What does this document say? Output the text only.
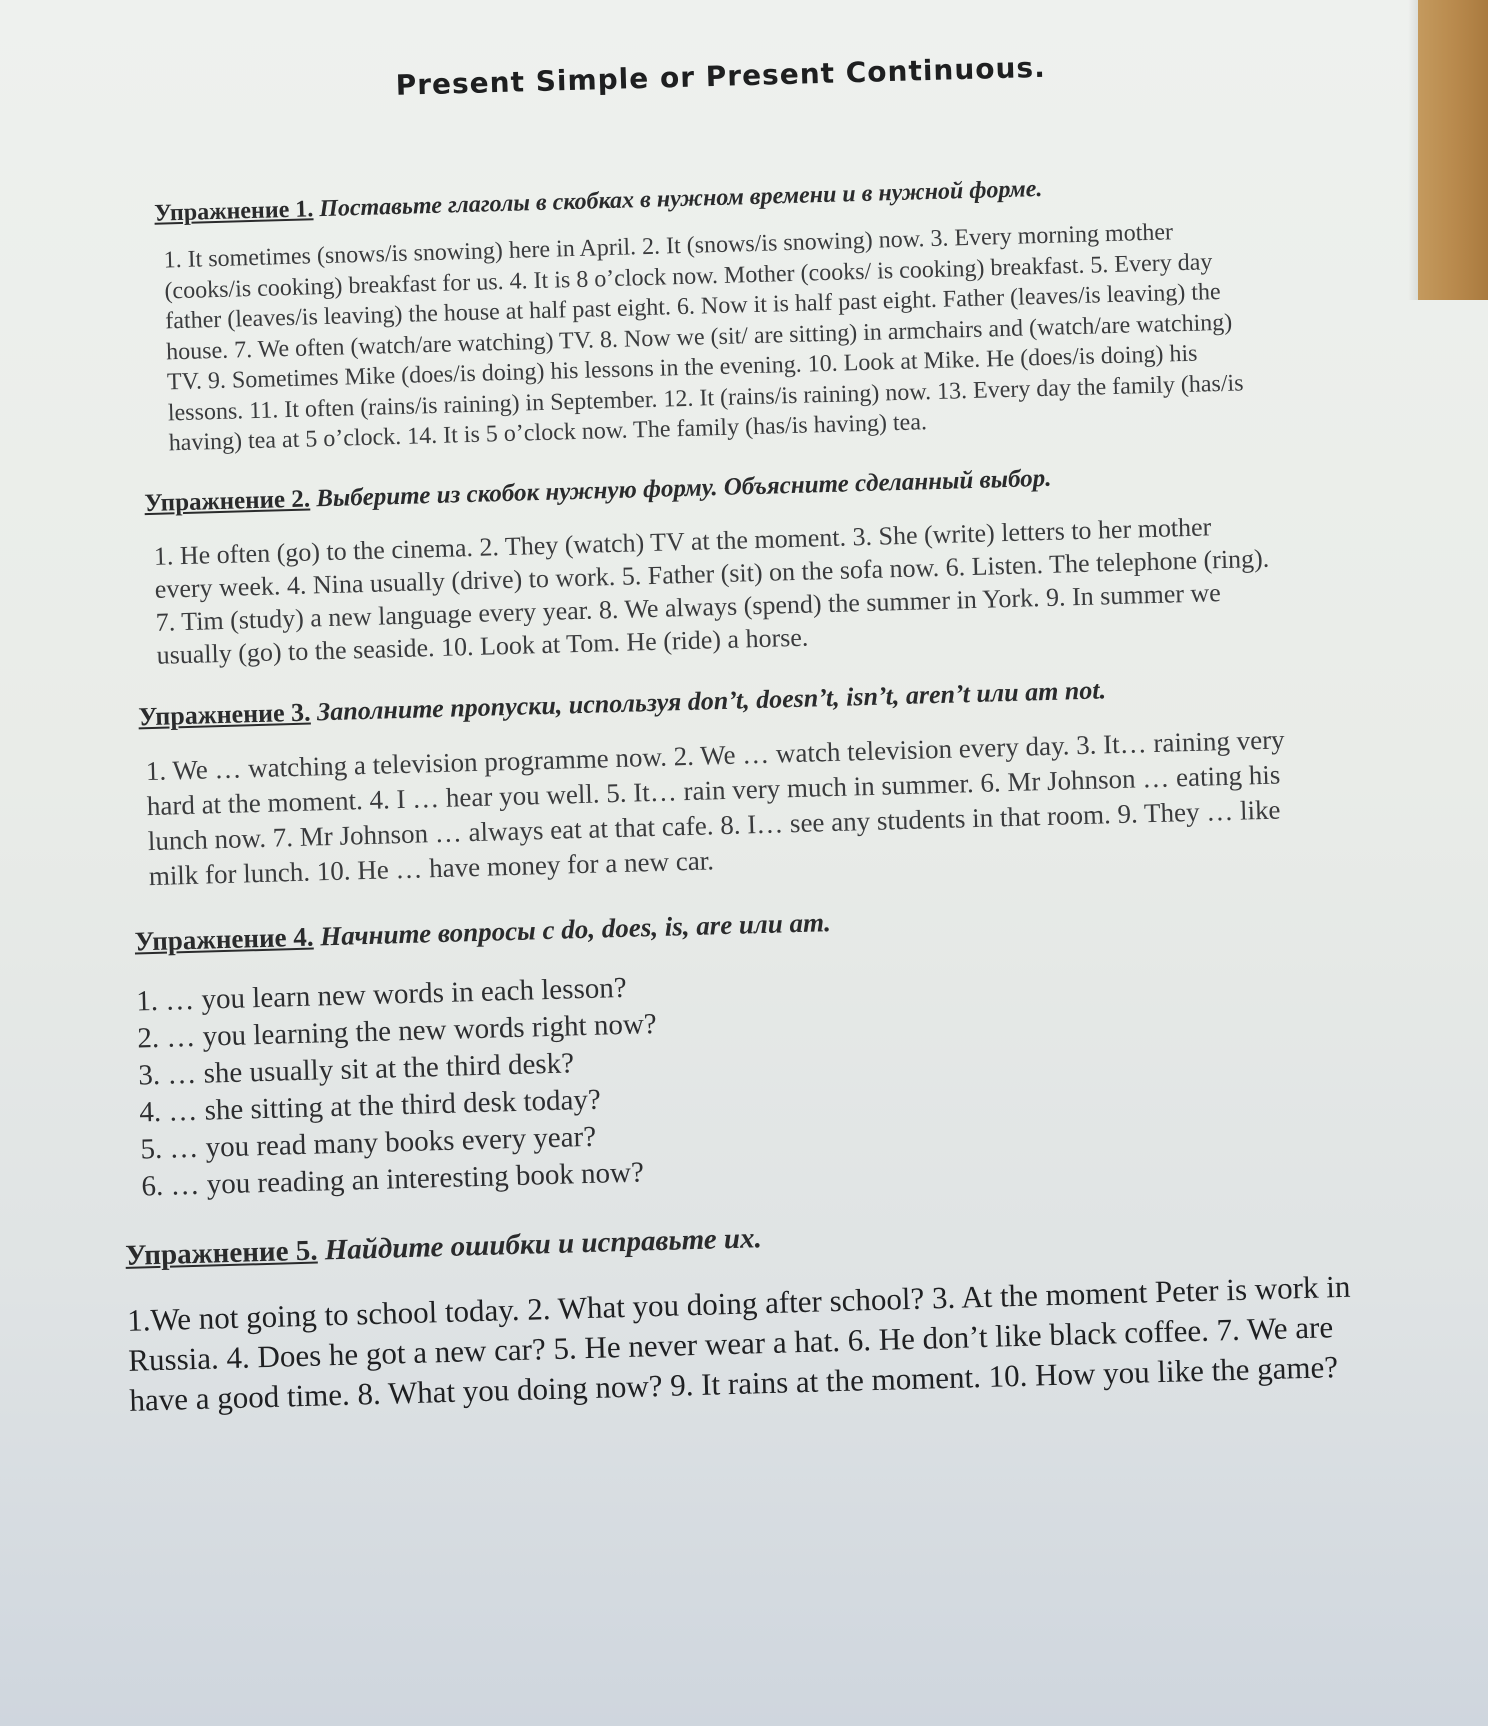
Present Simple or Present Continuous.

Упражнение 1. Поставьте глаголы в скобках в нужном времени и в нужной форме.

1. It sometimes (snows/is snowing) here in April. 2. It (snows/is snowing) now. 3. Every morning mother (cooks/is cooking) breakfast for us. 4. It is 8 o’clock now. Mother (cooks/ is cooking) breakfast. 5. Every day father (leaves/is leaving) the house at half past eight. 6. Now it is half past eight. Father (leaves/is leaving) the house. 7. We often (watch/are watching) TV. 8. Now we (sit/ are sitting) in armchairs and (watch/are watching) TV. 9. Sometimes Mike (does/is doing) his lessons in the evening. 10. Look at Mike. He (does/is doing) his lessons. 11. It often (rains/is raining) in September. 12. It (rains/is raining) now. 13. Every day the family (has/is having) tea at 5 o’clock. 14. It is 5 o’clock now. The family (has/is having) tea.

Упражнение 2. Выберите из скобок нужную форму. Объясните сделанный выбор.

1. He often (go) to the cinema. 2. They (watch) TV at the moment. 3. She (write) letters to her mother every week. 4. Nina usually (drive) to work. 5. Father (sit) on the sofa now. 6. Listen. The telephone (ring). 7. Tim (study) a new language every year. 8. We always (spend) the summer in York. 9. In summer we usually (go) to the seaside. 10. Look at Tom. He (ride) a horse.

Упражнение 3. Заполните пропуски, используя don’t, doesn’t, isn’t, aren’t или am not.

1. We … watching a television programme now. 2. We … watch television every day. 3. It… raining very hard at the moment. 4. I … hear you well. 5. It… rain very much in summer. 6. Mr Johnson … eating his lunch now. 7. Mr Johnson … always eat at that cafe. 8. I… see any students in that room. 9. They … like milk for lunch. 10. He … have money for a new car.

Упражнение 4. Начните вопросы с do, does, is, are или am.

1. … you learn new words in each lesson?
2. … you learning the new words right now?
3. … she usually sit at the third desk?
4. … she sitting at the third desk today?
5. … you read many books every year?
6. … you reading an interesting book now?

Упражнение 5. Найдите ошибки и исправьте их.

1.We not going to school today. 2. What you doing after school? 3. At the moment Peter is work in Russia. 4. Does he got a new car? 5. He never wear a hat. 6. He don’t like black coffee. 7. We are have a good time. 8. What you doing now? 9. It rains at the moment. 10. How you like the game?
